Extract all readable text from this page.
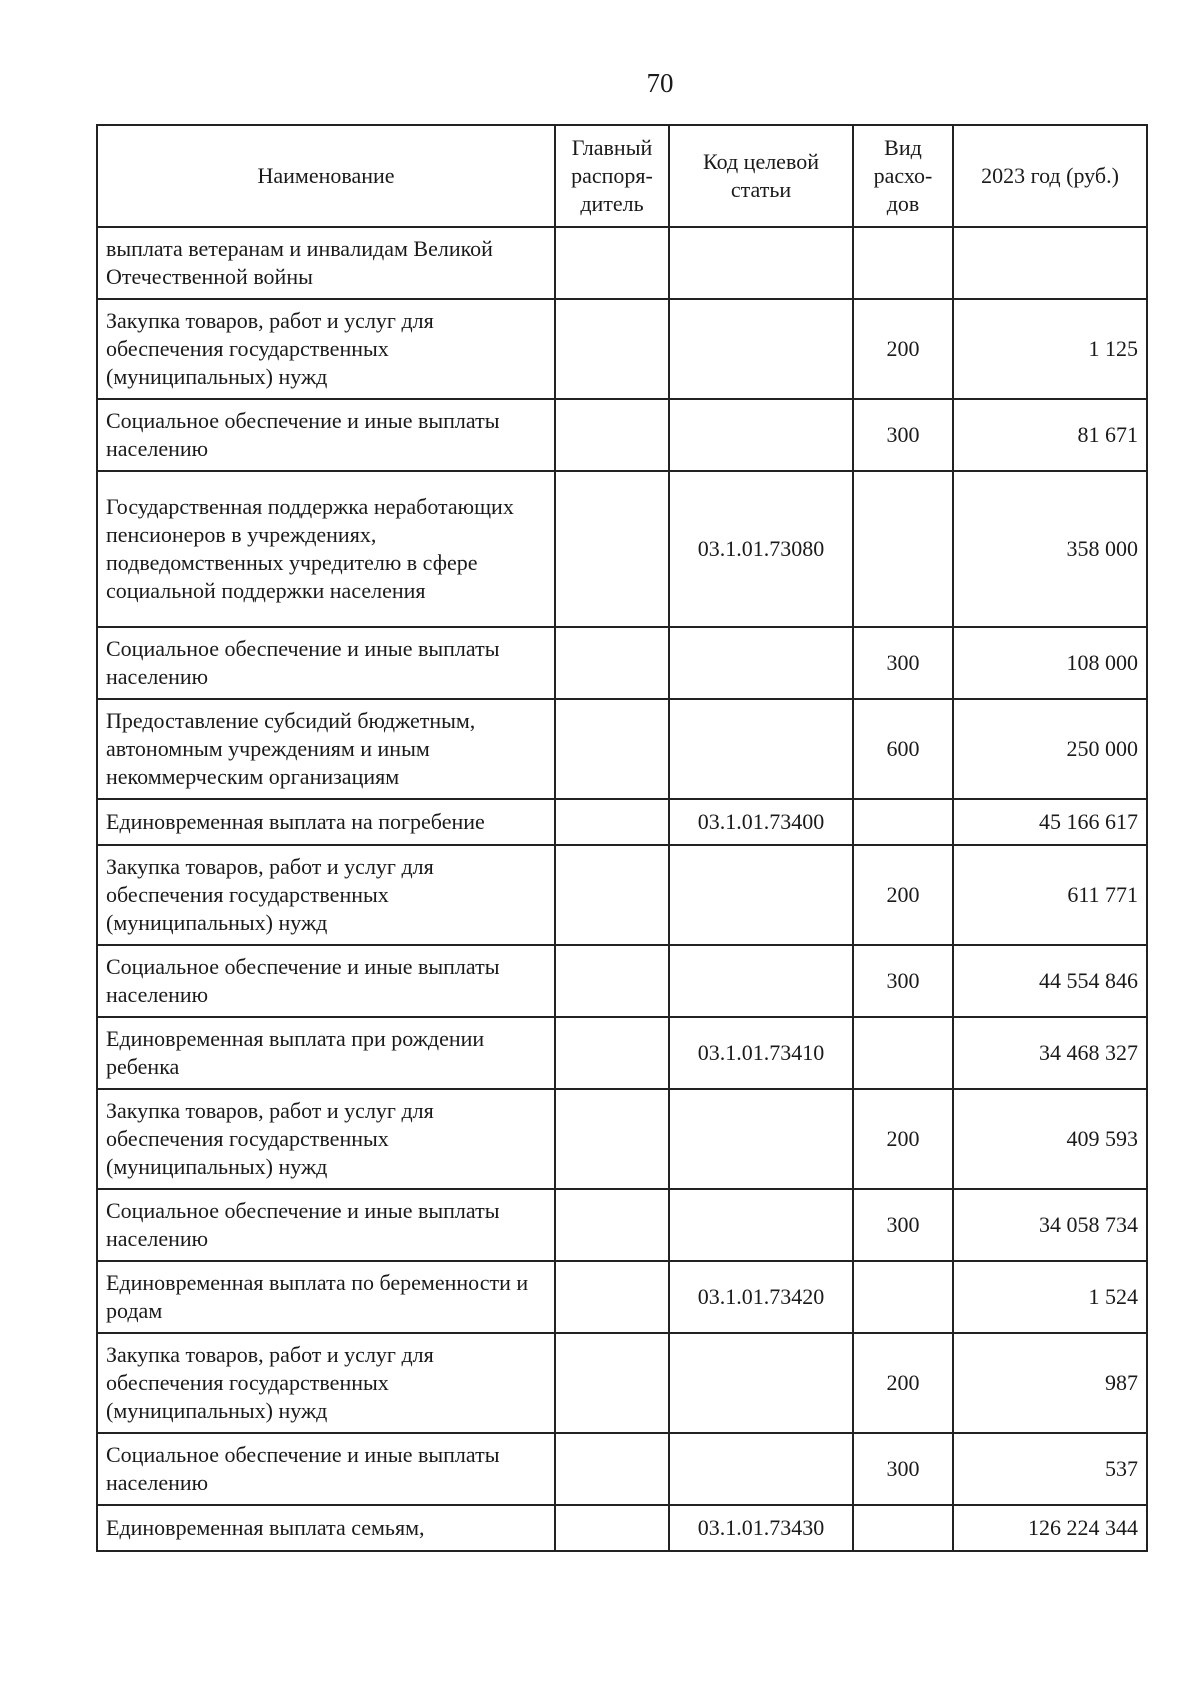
70
Наименование	Главный распоря-дитель	Код целевой статьи	Вид расхо-дов	2023 год (руб.)
выплата ветеранам и инвалидам Великой Отечественной войны				
Закупка товаров, работ и услуг для обеспечения государственных (муниципальных) нужд			200	1 125
Социальное обеспечение и иные выплаты населению			300	81 671
Государственная поддержка неработающих пенсионеров в учреждениях, подведомственных учредителю в сфере социальной поддержки населения		03.1.01.73080		358 000
Социальное обеспечение и иные выплаты населению			300	108 000
Предоставление субсидий бюджетным, автономным учреждениям и иным некоммерческим организациям			600	250 000
Единовременная выплата на погребение		03.1.01.73400		45 166 617
Закупка товаров, работ и услуг для обеспечения государственных (муниципальных) нужд			200	611 771
Социальное обеспечение и иные выплаты населению			300	44 554 846
Единовременная выплата при рождении ребенка		03.1.01.73410		34 468 327
Закупка товаров, работ и услуг для обеспечения государственных (муниципальных) нужд			200	409 593
Социальное обеспечение и иные выплаты населению			300	34 058 734
Единовременная выплата по беременности и родам		03.1.01.73420		1 524
Закупка товаров, работ и услуг для обеспечения государственных (муниципальных) нужд			200	987
Социальное обеспечение и иные выплаты населению			300	537
Единовременная выплата семьям,		03.1.01.73430		126 224 344
